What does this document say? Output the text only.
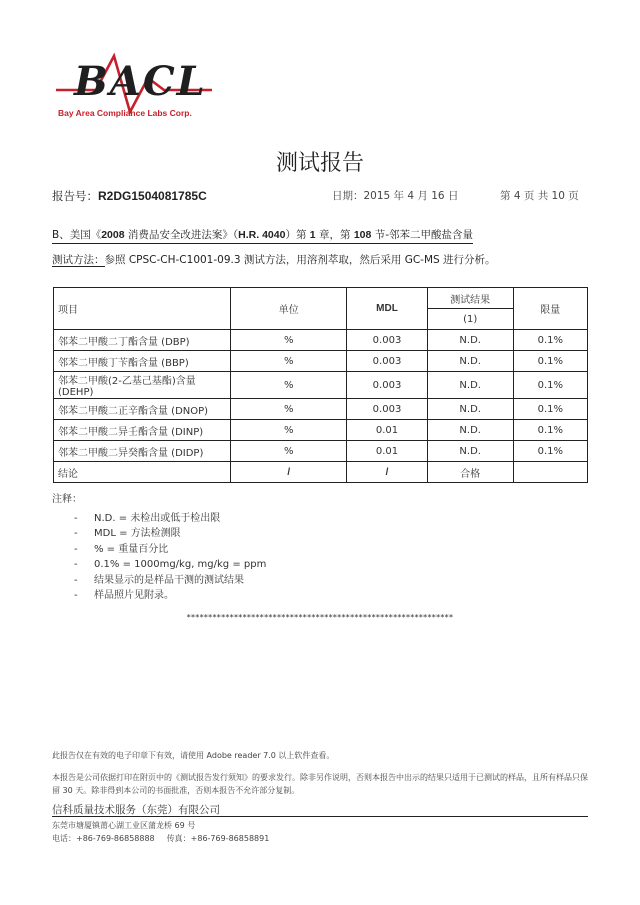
BACL
Bay Area Compliance Labs Corp.
测试报告
报告号：R2DG1504081785C	日期：2015 年 4 月 16 日	第 4 页 共 10 页
B、美国《2008 消费品安全改进法案》（H.R. 4040）第 1 章，第 108 节-邻苯二甲酸盐含量
测试方法：参照 CPSC-CH-C1001-09.3 测试方法，用溶剂萃取，然后采用 GC-MS 进行分析。
项目	单位	MDL	测试结果	限量
			(1)	
邻苯二甲酸二丁酯含量 (DBP)	%	0.003	N.D.	0.1%
邻苯二甲酸丁苄酯含量 (BBP)	%	0.003	N.D.	0.1%
邻苯二甲酸(2-乙基己基酯)含量 (DEHP)	%	0.003	N.D.	0.1%
邻苯二甲酸二正辛酯含量 (DNOP)	%	0.003	N.D.	0.1%
邻苯二甲酸二异壬酯含量 (DINP)	%	0.01	N.D.	0.1%
邻苯二甲酸二异癸酯含量 (DIDP)	%	0.01	N.D.	0.1%
结论	/	/	合格	
注释：
- N.D. = 未检出或低于检出限
- MDL = 方法检测限
- % = 重量百分比
- 0.1% = 1000mg/kg, mg/kg = ppm
- 结果显示的是样品干测的测试结果
- 样品照片见附录。
**************************************************************
此报告仅在有效的电子印章下有效，请使用 Adobe reader 7.0 以上软件查看。
本报告是公司依据打印在附页中的《测试报告发行须知》的要求发行。除非另作说明，否则本报告中出示的结果只适用于已测试的样品，且所有样品只保留 30 天。除非得到本公司的书面批准，否则本报告不允许部分复制。
信科质量技术服务（东莞）有限公司
东莞市塘厦镇莆心湖工业区蒲龙桥 69 号
电话：+86-769-86858888 传真：+86-769-86858891
